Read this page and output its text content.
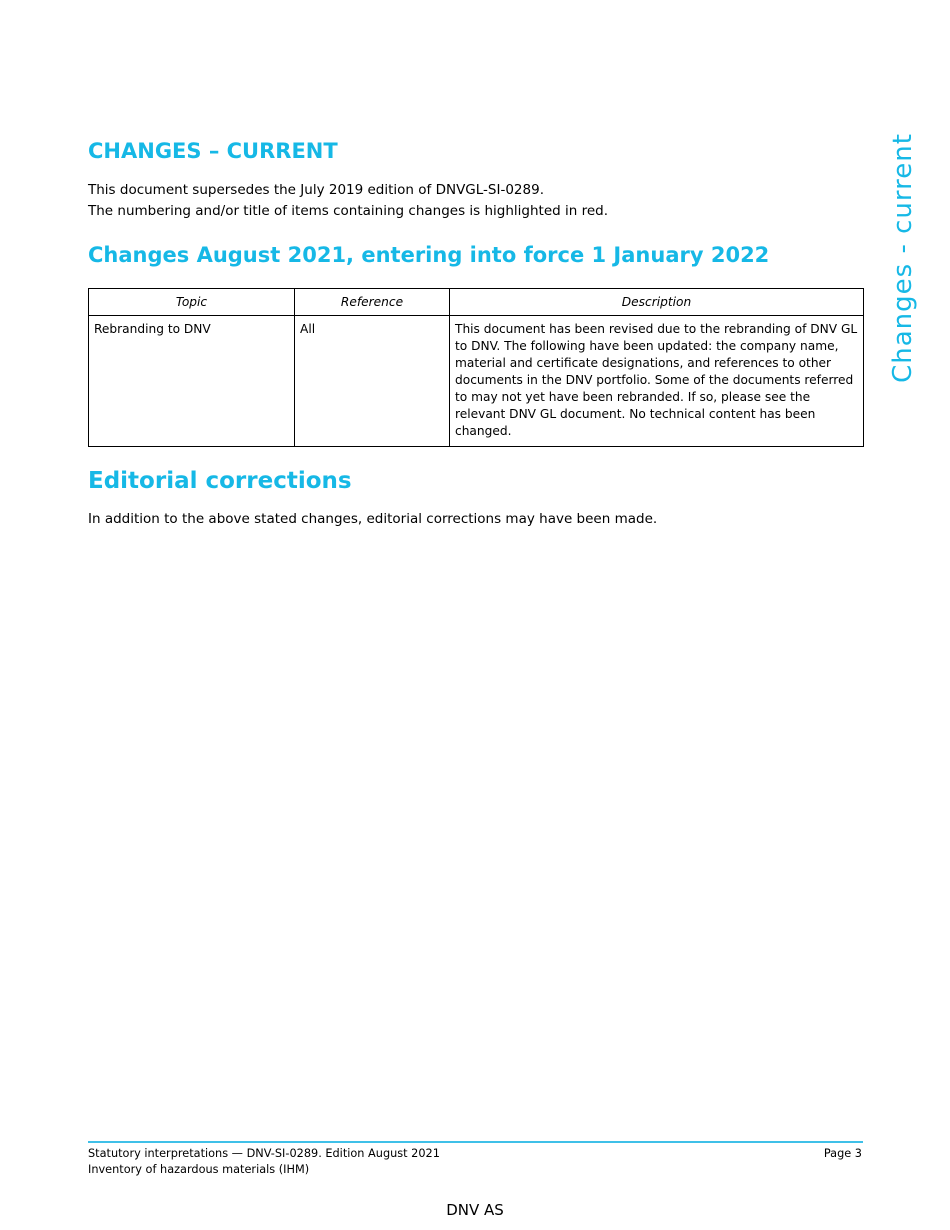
Changes - current
CHANGES – CURRENT
This document supersedes the July 2019 edition of DNVGL-SI-0289.
The numbering and/or title of items containing changes is highlighted in red.
Changes August 2021, entering into force 1 January 2022
Topic	Reference	Description
Rebranding to DNV	All	This document has been revised due to the rebranding of DNV GL to DNV. The following have been updated: the company name, material and certificate designations, and references to other documents in the DNV portfolio. Some of the documents referred to may not yet have been rebranded. If so, please see the relevant DNV GL document. No technical content has been changed.
Editorial corrections
In addition to the above stated changes, editorial corrections may have been made.
Statutory interpretations — DNV-SI-0289. Edition August 2021
Inventory of hazardous materials (IHM)
Page 3
DNV AS
